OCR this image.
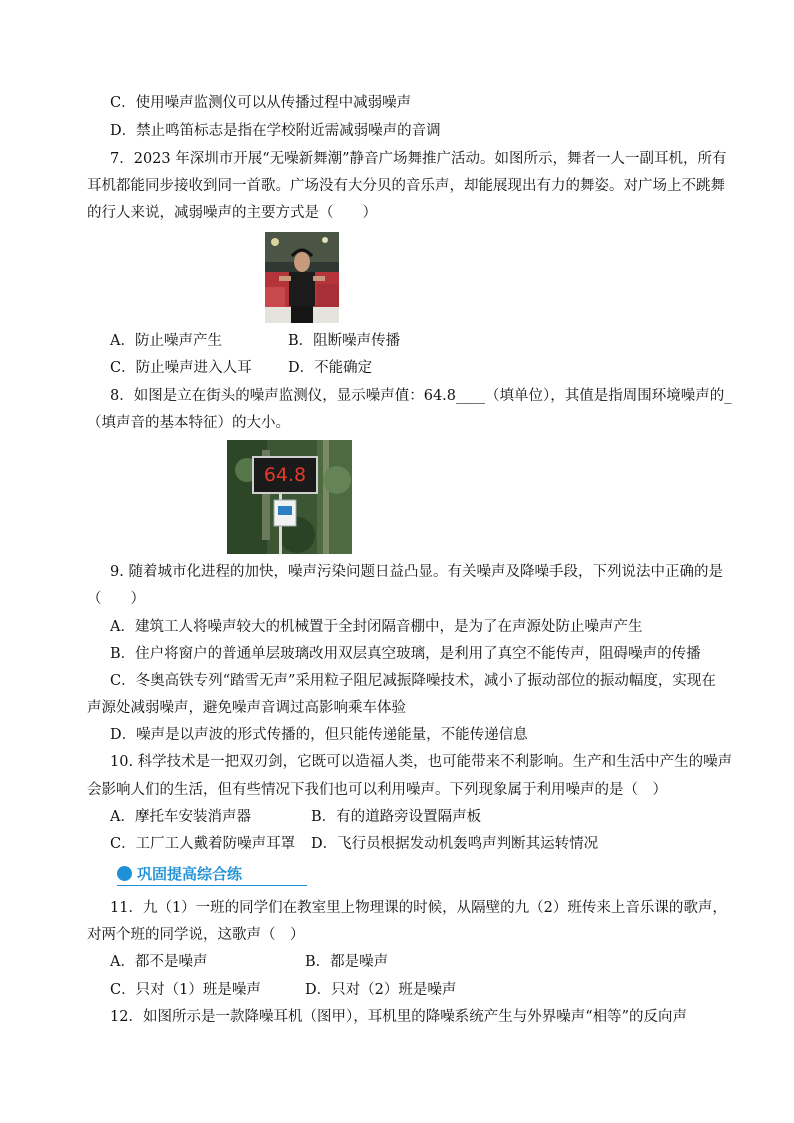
C．使用噪声监测仪可以从传播过程中减弱噪声
D．禁止鸣笛标志是指在学校附近需减弱噪声的音调
7．2023 年深圳市开展“无噪新舞潮”静音广场舞推广活动。如图所示，舞者一人一副耳机，所有
耳机都能同步接收到同一首歌。广场没有大分贝的音乐声，却能展现出有力的舞姿。对广场上不跳舞
的行人来说，减弱噪声的主要方式是（　　）
A．防止噪声产生	B．阻断噪声传播
C．防止噪声进入人耳	D．不能确定
8．如图是立在街头的噪声监测仪，显示噪声值：64.8____（填单位），其值是指周围环境噪声的_
（填声音的基本特征）的大小。
64.8
9. 随着城市化进程的加快，噪声污染问题日益凸显。有关噪声及降噪手段，下列说法中正确的是
（　　）
A．建筑工人将噪声较大的机械置于全封闭隔音棚中，是为了在声源处防止噪声产生
B．住户将窗户的普通单层玻璃改用双层真空玻璃，是利用了真空不能传声，阻碍噪声的传播
C．冬奥高铁专列“踏雪无声”采用粒子阻尼减振降噪技术，减小了振动部位的振动幅度，实现在
声源处减弱噪声，避免噪声音调过高影响乘车体验
D．噪声是以声波的形式传播的，但只能传递能量，不能传递信息
10. 科学技术是一把双刃剑，它既可以造福人类，也可能带来不利影响。生产和生活中产生的噪声
会影响人们的生活，但有些情况下我们也可以利用噪声。下列现象属于利用噪声的是（　）
A．摩托车安装消声器	B．有的道路旁设置隔声板
C．工厂工人戴着防噪声耳罩 D．飞行员根据发动机轰鸣声判断其运转情况
巩固提高综合练
11．九（1）一班的同学们在教室里上物理课的时候，从隔壁的九（2）班传来上音乐课的歌声，
对两个班的同学说，这歌声（　）
A．都不是噪声	B．都是噪声
C．只对（1）班是噪声	D．只对（2）班是噪声
12．如图所示是一款降噪耳机（图甲），耳机里的降噪系统产生与外界噪声“相等”的反向声
